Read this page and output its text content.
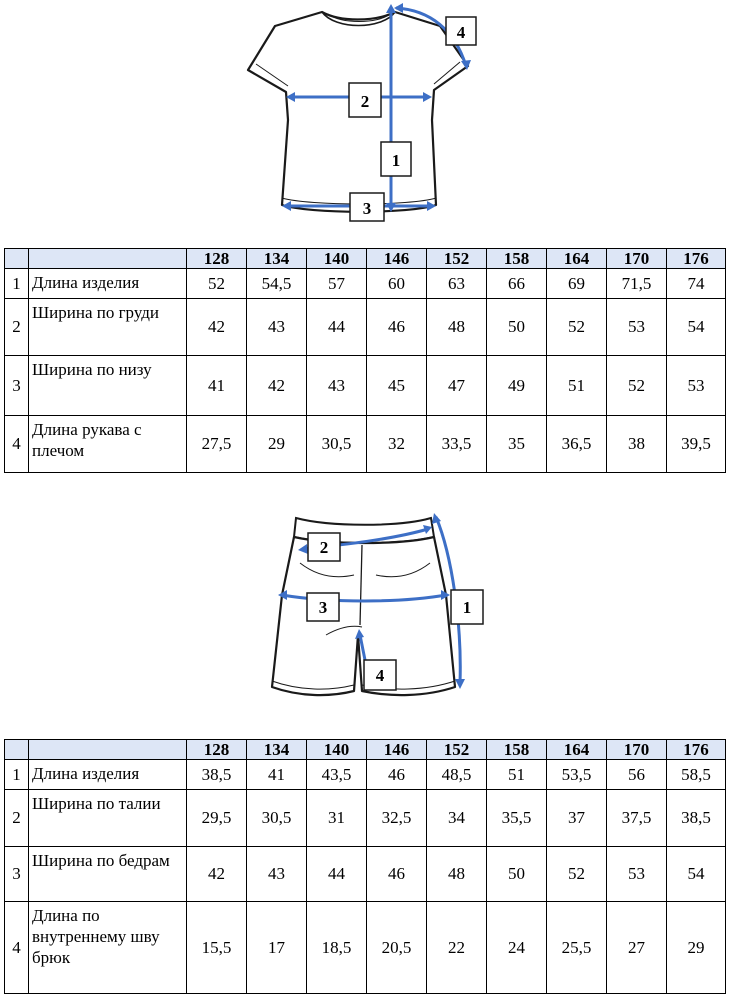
1
2
3
4
		128	134	140	146	152	158	164	170	176
1	Длина изделия	52	54,5	57	60	63	66	69	71,5	74
2	Ширина по груди	42	43	44	46	48	50	52	53	54
3	Ширина по низу	41	42	43	45	47	49	51	52	53
4	Длина рукава с плечом	27,5	29	30,5	32	33,5	35	36,5	38	39,5
2
3	1
4
		128	134	140	146	152	158	164	170	176
1	Длина изделия	38,5	41	43,5	46	48,5	51	53,5	56	58,5
2	Ширина по талии	29,5	30,5	31	32,5	34	35,5	37	37,5	38,5
3	Ширина по бедрам	42	43	44	46	48	50	52	53	54
4	Длина по внутреннему шву брюк	15,5	17	18,5	20,5	22	24	25,5	27	29
